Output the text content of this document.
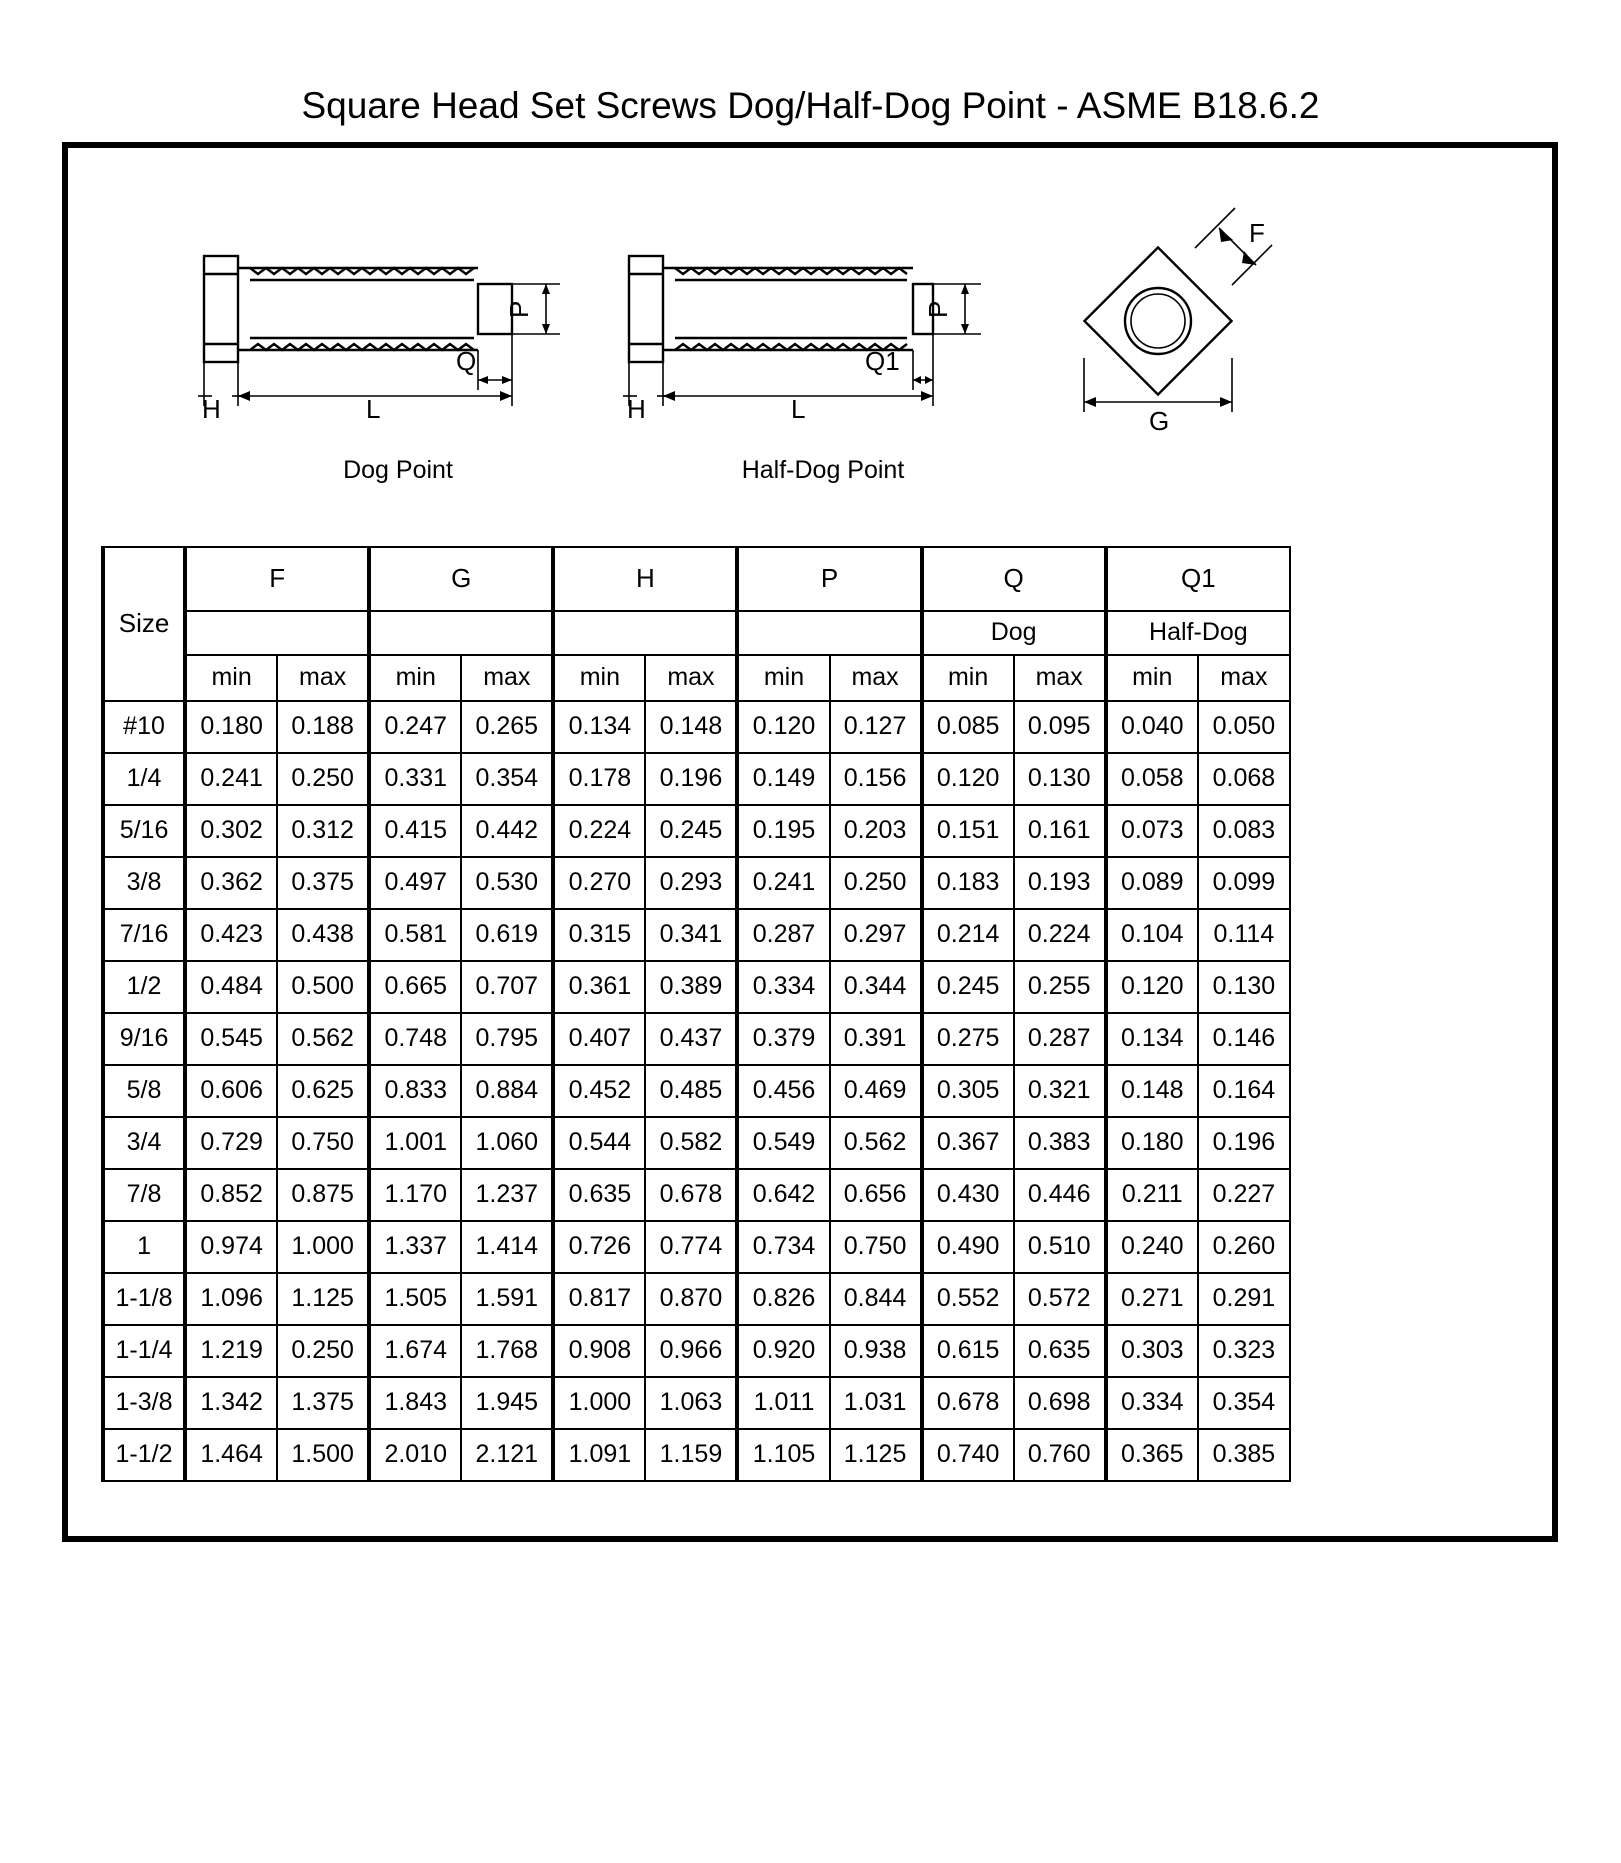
Square Head Set Screws Dog/Half-Dog Point - ASME B18.6.2
H	L
Q
P
Dog Point
H	L
Q1
P
Half-Dog Point
F
G
Size	F		G		H		P		Q		Q1	
									Dog		Half-Dog	
	min	max	min	max	min	max	min	max	min	max	min	max
#10	0.180	0.188	0.247	0.265	0.134	0.148	0.120	0.127	0.085	0.095	0.040	0.050
1/4	0.241	0.250	0.331	0.354	0.178	0.196	0.149	0.156	0.120	0.130	0.058	0.068
5/16	0.302	0.312	0.415	0.442	0.224	0.245	0.195	0.203	0.151	0.161	0.073	0.083
3/8	0.362	0.375	0.497	0.530	0.270	0.293	0.241	0.250	0.183	0.193	0.089	0.099
7/16	0.423	0.438	0.581	0.619	0.315	0.341	0.287	0.297	0.214	0.224	0.104	0.114
1/2	0.484	0.500	0.665	0.707	0.361	0.389	0.334	0.344	0.245	0.255	0.120	0.130
9/16	0.545	0.562	0.748	0.795	0.407	0.437	0.379	0.391	0.275	0.287	0.134	0.146
5/8	0.606	0.625	0.833	0.884	0.452	0.485	0.456	0.469	0.305	0.321	0.148	0.164
3/4	0.729	0.750	1.001	1.060	0.544	0.582	0.549	0.562	0.367	0.383	0.180	0.196
7/8	0.852	0.875	1.170	1.237	0.635	0.678	0.642	0.656	0.430	0.446	0.211	0.227
1	0.974	1.000	1.337	1.414	0.726	0.774	0.734	0.750	0.490	0.510	0.240	0.260
1-1/8	1.096	1.125	1.505	1.591	0.817	0.870	0.826	0.844	0.552	0.572	0.271	0.291
1-1/4	1.219	0.250	1.674	1.768	0.908	0.966	0.920	0.938	0.615	0.635	0.303	0.323
1-3/8	1.342	1.375	1.843	1.945	1.000	1.063	1.011	1.031	0.678	0.698	0.334	0.354
1-1/2	1.464	1.500	2.010	2.121	1.091	1.159	1.105	1.125	0.740	0.760	0.365	0.385
